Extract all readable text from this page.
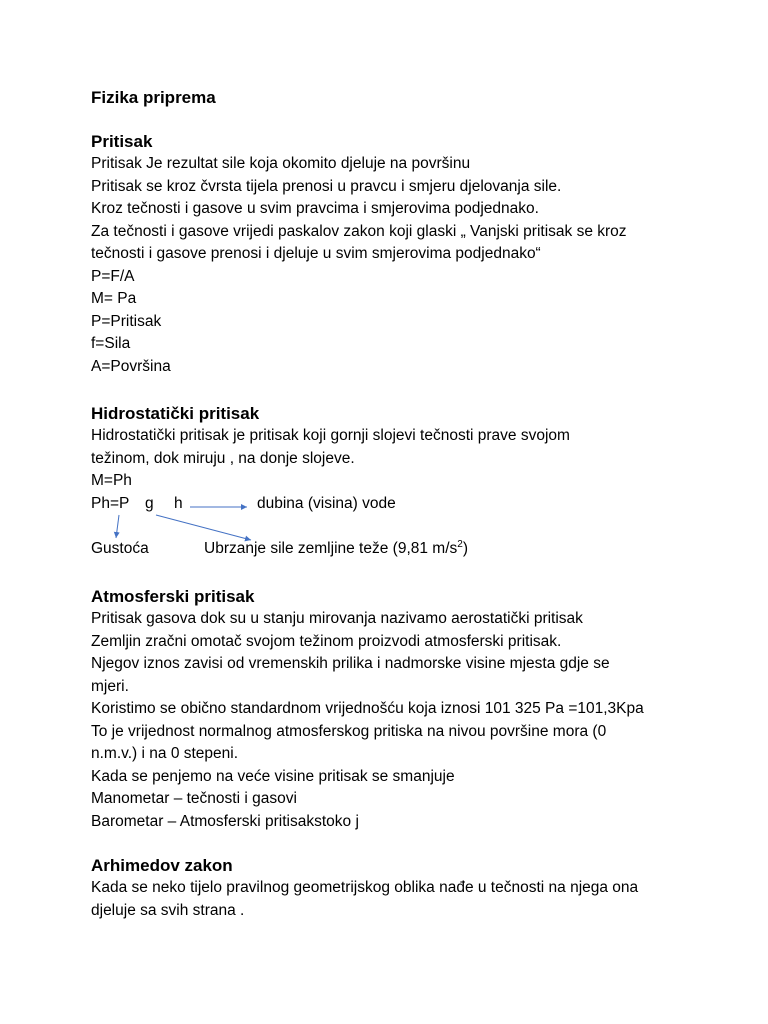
Fizika priprema
Pritisak
Pritisak Je rezultat sile koja okomito djeluje na površinu
Pritisak se kroz čvrsta tijela prenosi u pravcu i smjeru djelovanja sile.
Kroz tečnosti i gasove u svim pravcima i smjerovima podjednako.
Za tečnosti i gasove vrijedi paskalov zakon koji glaski „ Vanjski pritisak se kroz
tečnosti i gasove prenosi i djeluje u svim smjerovima podjednako“
P=F/A
M= Pa
P=Pritisak
f=Sila
A=Površina
Hidrostatički pritisak
Hidrostatički pritisak je pritisak koji gornji slojevi tečnosti prave svojom
težinom, dok miruju , na donje slojeve.
M=Ph
Ph=P g h	dubina (visina) vode
Gustoća	Ubrzanje sile zemljine teže (9,81 $m/s^2$)
Atmosferski pritisak
Pritisak gasova dok su u stanju mirovanja nazivamo aerostatički pritisak
Zemljin zračni omotač svojom težinom proizvodi atmosferski pritisak.
Njegov iznos zavisi od vremenskih prilika i nadmorske visine mjesta gdje se
mjeri.
Koristimo se obično standardnom vrijednošću koja iznosi 101 325 Pa =101,3Kpa
To je vrijednost normalnog atmosferskog pritiska na nivou površine mora (0
n.m.v.) i na 0 stepeni.
Kada se penjemo na veće visine pritisak se smanjuje
Manometar – tečnosti i gasovi
Barometar – Atmosferski pritisakstoko j
Arhimedov zakon
Kada se neko tijelo pravilnog geometrijskog oblika nađe u tečnosti na njega ona
djeluje sa svih strana .
